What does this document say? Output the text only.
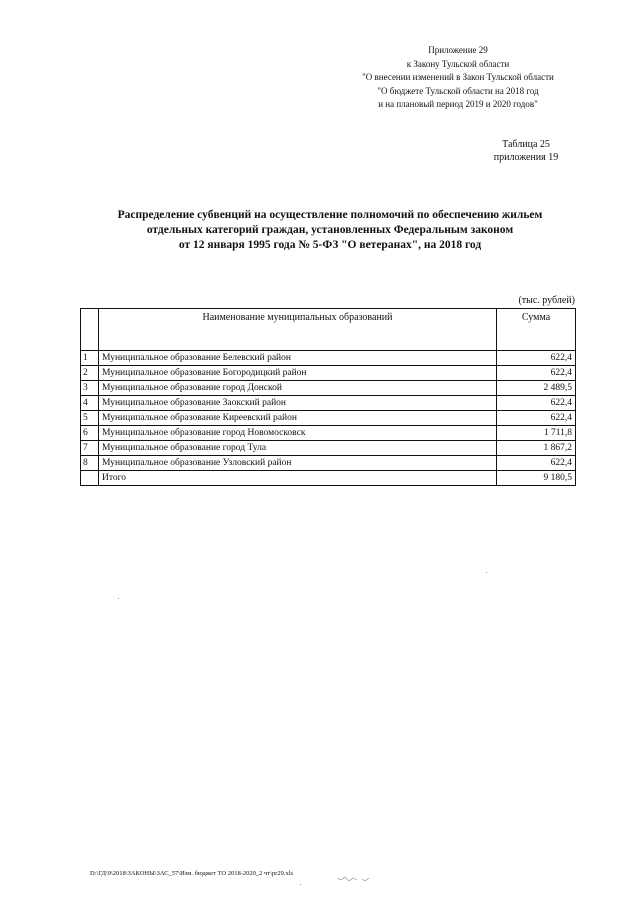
Приложение 29
к Закону Тульской области
"О внесении изменений в Закон Тульской области
"О бюджете Тульской области на 2018 год
и на плановый период 2019 и 2020 годов"
Таблица 25
приложения 19
Распределение субвенций на осуществление полномочий по обеспечению жильем
отдельных категорий граждан, установленных Федеральным законом
от 12 января 1995 года № 5-ФЗ "О ветеранах", на 2018 год
(тыс. рублей)
	Наименование муниципальных образований	Сумма
1	Муниципальное образование Белевский район	622,4
2	Муниципальное образование Богородицкий район	622,4
3	Муниципальное образование город Донской	2 489,5
4	Муниципальное образование Заокский район	622,4
5	Муниципальное образование Киреевский район	622,4
6	Муниципальное образование город Новомосковск	1 711,8
7	Муниципальное образование город Тула	1 867,2
8	Муниципальное образование Узловский район	622,4
	Итого	9 180,5
D:\ГД\9\2018\ЗАКОНЫ\ЗАС_57\Изм. бюджет ТО 2018-2020_2 чт\pr29.xls
